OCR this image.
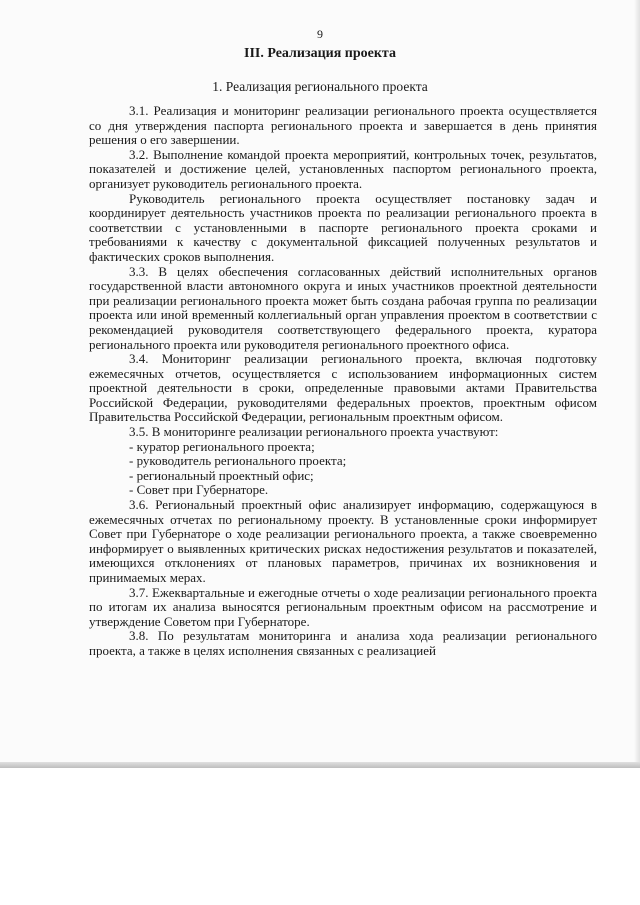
9
III. Реализация проекта
1. Реализация регионального проекта

3.1. Реализация и мониторинг реализации регионального проекта осуществляется со дня утверждения паспорта регионального проекта и завершается в день принятия решения о его завершении.

3.2. Выполнение командой проекта мероприятий, контрольных точек, результатов, показателей и достижение целей, установленных паспортом регионального проекта, организует руководитель регионального проекта.

Руководитель регионального проекта осуществляет постановку задач и координирует деятельность участников проекта по реализации регионального проекта в соответствии с установленными в паспорте регионального проекта сроками и требованиями к качеству с документальной фиксацией полученных результатов и фактических сроков выполнения.

3.3. В целях обеспечения согласованных действий исполнительных органов государственной власти автономного округа и иных участников проектной деятельности при реализации регионального проекта может быть создана рабочая группа по реализации проекта или иной временный коллегиальный орган управления проектом в соответствии с рекомендацией руководителя соответствующего федерального проекта, куратора регионального проекта или руководителя регионального проектного офиса.

3.4. Мониторинг реализации регионального проекта, включая подготовку ежемесячных отчетов, осуществляется с использованием информационных систем проектной деятельности в сроки, определенные правовыми актами Правительства Российской Федерации, руководителями федеральных проектов, проектным офисом Правительства Российской Федерации, региональным проектным офисом.

3.5. В мониторинге реализации регионального проекта участвуют:

- куратор регионального проекта;

- руководитель регионального проекта;

- региональный проектный офис;

- Совет при Губернаторе.

3.6. Региональный проектный офис анализирует информацию, содержащуюся в ежемесячных отчетах по региональному проекту. В установленные сроки информирует Совет при Губернаторе о ходе реализации регионального проекта, а также своевременно информирует о выявленных критических рисках недостижения результатов и показателей, имеющихся отклонениях от плановых параметров, причинах их возникновения и принимаемых мерах.

3.7. Ежеквартальные и ежегодные отчеты о ходе реализации регионального проекта по итогам их анализа выносятся региональным проектным офисом на рассмотрение и утверждение Советом при Губернаторе.

3.8. По результатам мониторинга и анализа хода реализации регионального проекта, а также в целях исполнения связанных с реализацией
